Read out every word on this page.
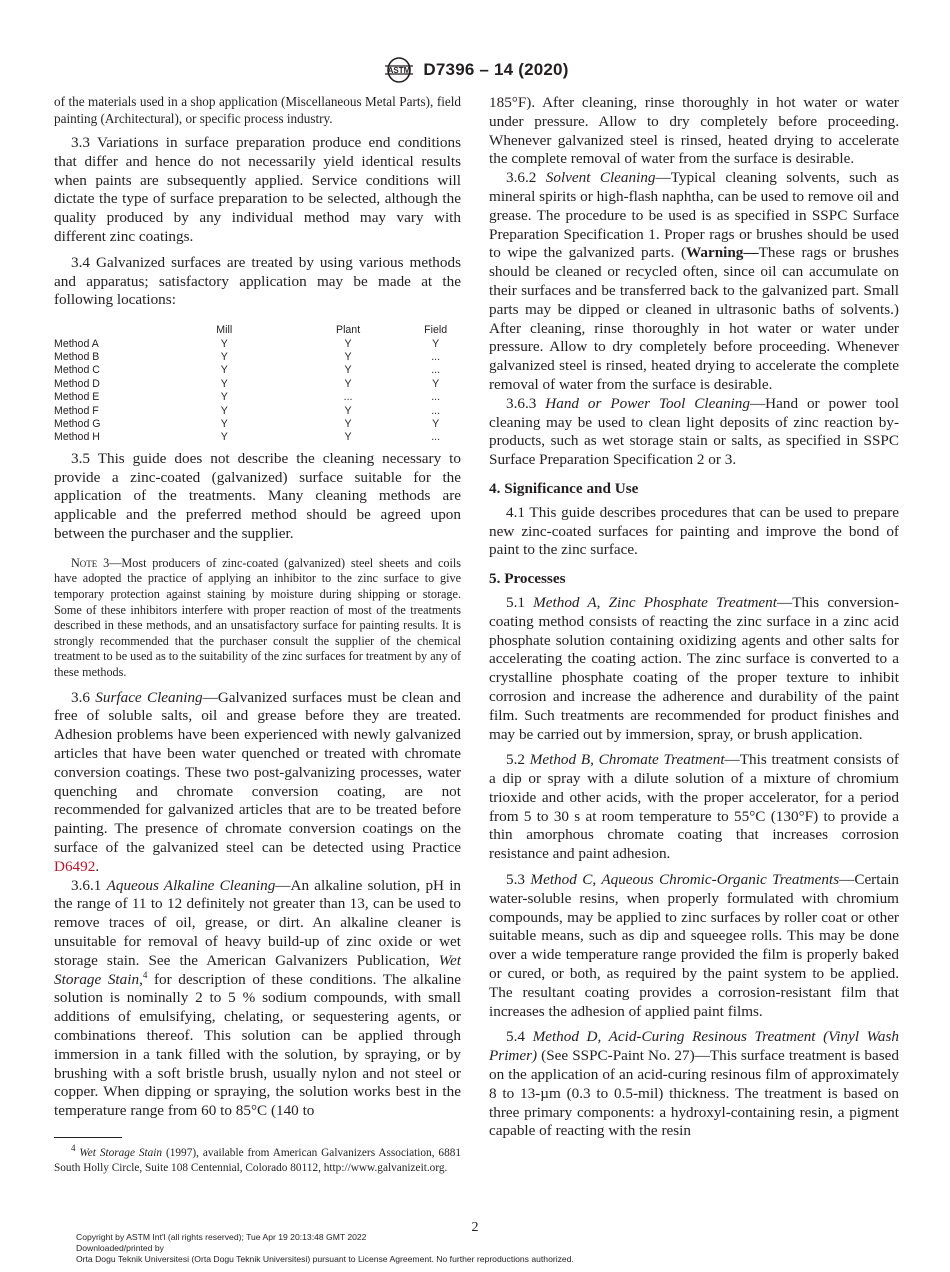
ASTM D7396 – 14 (2020)

of the materials used in a shop application (Miscellaneous Metal Parts), field painting (Architectural), or specific process industry.

3.3 Variations in surface preparation produce end conditions that differ and hence do not necessarily yield identical results when paints are subsequently applied. Service conditions will dictate the type of surface preparation to be selected, although the quality produced by any individual method may vary with different zinc coatings.

3.4 Galvanized surfaces are treated by using various methods and apparatus; satisfactory application may be made at the following locations:

	Mill	Plant	Field
Method A	Y	Y	Y
Method B	Y	Y	...
Method C	Y	Y	...
Method D	Y	Y	Y
Method E	Y	...	...
Method F	Y	Y	...
Method G	Y	Y	Y
Method H	Y	Y	...

3.5 This guide does not describe the cleaning necessary to provide a zinc-coated (galvanized) surface suitable for the application of the treatments. Many cleaning methods are applicable and the preferred method should be agreed upon between the purchaser and the supplier.

Note 3—Most producers of zinc-coated (galvanized) steel sheets and coils have adopted the practice of applying an inhibitor to the zinc surface to give temporary protection against staining by moisture during shipping or storage. Some of these inhibitors interfere with proper reaction of most of the treatments described in these methods, and an unsatisfactory surface for painting results. It is strongly recommended that the purchaser consult the supplier of the chemical treatment to be used as to the suitability of the zinc surfaces for treatment by any of these methods.

3.6 Surface Cleaning—Galvanized surfaces must be clean and free of soluble salts, oil and grease before they are treated. Adhesion problems have been experienced with newly galvanized articles that have been water quenched or treated with chromate conversion coatings. These two post-galvanizing processes, water quenching and chromate conversion coating, are not recommended for galvanized articles that are to be treated before painting. The presence of chromate conversion coatings on the surface of the galvanized steel can be detected using Practice D6492.

3.6.1 Aqueous Alkaline Cleaning—An alkaline solution, pH in the range of 11 to 12 definitely not greater than 13, can be used to remove traces of oil, grease, or dirt. An alkaline cleaner is unsuitable for removal of heavy build-up of zinc oxide or wet storage stain. See the American Galvanizers Publication, Wet Storage Stain,$^4$ for description of these conditions. The alkaline solution is nominally 2 to 5 % sodium compounds, with small additions of emulsifying, chelating, or sequestering agents, or combinations thereof. This solution can be applied through immersion in a tank filled with the solution, by spraying, or by brushing with a soft bristle brush, usually nylon and not steel or copper. When dipping or spraying, the solution works best in the temperature range from 60 to 85°C (140 to

$^4$ Wet Storage Stain (1997), available from American Galvanizers Association, 6881 South Holly Circle, Suite 108 Centennial, Colorado 80112, http://www.galvanizeit.org.

185°F). After cleaning, rinse thoroughly in hot water or water under pressure. Allow to dry completely before proceeding. Whenever galvanized steel is rinsed, heated drying to accelerate the complete removal of water from the surface is desirable.

3.6.2 Solvent Cleaning—Typical cleaning solvents, such as mineral spirits or high-flash naphtha, can be used to remove oil and grease. The procedure to be used is as specified in SSPC Surface Preparation Specification 1. Proper rags or brushes should be used to wipe the galvanized parts. (Warning—These rags or brushes should be cleaned or recycled often, since oil can accumulate on their surfaces and be transferred back to the galvanized part. Small parts may be dipped or cleaned in ultrasonic baths of solvents.) After cleaning, rinse thoroughly in hot water or water under pressure. Allow to dry completely before proceeding. Whenever galvanized steel is rinsed, heated drying to accelerate the complete removal of water from the surface is desirable.

3.6.3 Hand or Power Tool Cleaning—Hand or power tool cleaning may be used to clean light deposits of zinc reaction by-products, such as wet storage stain or salts, as specified in SSPC Surface Preparation Specification 2 or 3.

4. Significance and Use

4.1 This guide describes procedures that can be used to prepare new zinc-coated surfaces for painting and improve the bond of paint to the zinc surface.

5. Processes

5.1 Method A, Zinc Phosphate Treatment—This conversion-coating method consists of reacting the zinc surface in a zinc acid phosphate solution containing oxidizing agents and other salts for accelerating the coating action. The zinc surface is converted to a crystalline phosphate coating of the proper texture to inhibit corrosion and increase the adherence and durability of the paint film. Such treatments are recommended for product finishes and may be carried out by immersion, spray, or brush application.

5.2 Method B, Chromate Treatment—This treatment consists of a dip or spray with a dilute solution of a mixture of chromium trioxide and other acids, with the proper accelerator, for a period from 5 to 30 s at room temperature to 55°C (130°F) to provide a thin amorphous chromate coating that increases corrosion resistance and paint adhesion.

5.3 Method C, Aqueous Chromic-Organic Treatments—Certain water-soluble resins, when properly formulated with chromium compounds, may be applied to zinc surfaces by roller coat or other suitable means, such as dip and squeegee rolls. This may be done over a wide temperature range provided the film is properly baked or cured, or both, as required by the paint system to be applied. The resultant coating provides a corrosion-resistant film that increases the adhesion of applied paint films.

5.4 Method D, Acid-Curing Resinous Treatment (Vinyl Wash Primer) (See SSPC-Paint No. 27)—This surface treatment is based on the application of an acid-curing resinous film of approximately 8 to 13-µm (0.3 to 0.5-mil) thickness. The treatment is based on three primary components: a hydroxyl-containing resin, a pigment capable of reacting with the resin

2
Copyright by ASTM Int'l (all rights reserved); Tue Apr 19 20:13:48 GMT 2022
Downloaded/printed by
Orta Dogu Teknik Universitesi (Orta Dogu Teknik Universitesi) pursuant to License Agreement. No further reproductions authorized.
